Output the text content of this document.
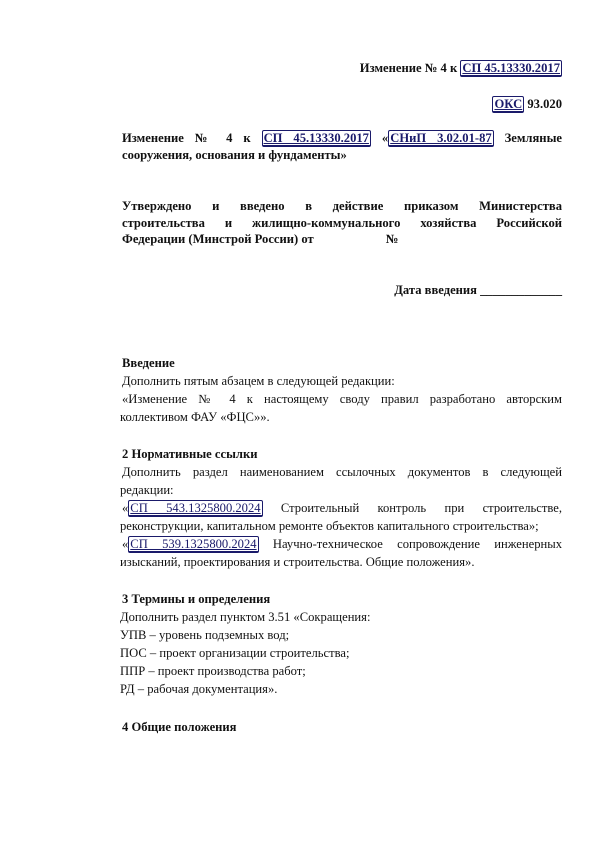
Изменение № 4 к СП 45.13330.2017
ОКС 93.020
Изменение № 4 к СП 45.13330.2017 « СНиП 3.02.01-87 Земляные
сооружения, основания и фундаменты»
Утверждено и введено в действие приказом Министерства
строительства и жилищно-коммунального хозяйства Российской
Федерации (Минстрой России) от	№
Дата введения _____________
Введение
Дополнить пятым абзацем в следующей редакции:
«Изменение № 4 к настоящему своду правил разработано авторским
коллективом ФАУ «ФЦС»».
2 Нормативные ссылки
Дополнить раздел наименованием ссылочных документов в следующей
редакции:
« СП 543.1325800.2024 Строительный контроль при строительстве,
реконструкции, капитальном ремонте объектов капитального строительства»;
« СП 539.1325800.2024 Научно-техническое сопровождение инженерных
изысканий, проектирования и строительства. Общие положения».
3 Термины и определения
Дополнить раздел пунктом 3.51 «Сокращения:
УПВ – уровень подземных вод;
ПОС – проект организации строительства;
ППР – проект производства работ;
РД – рабочая документация».
4 Общие положения
